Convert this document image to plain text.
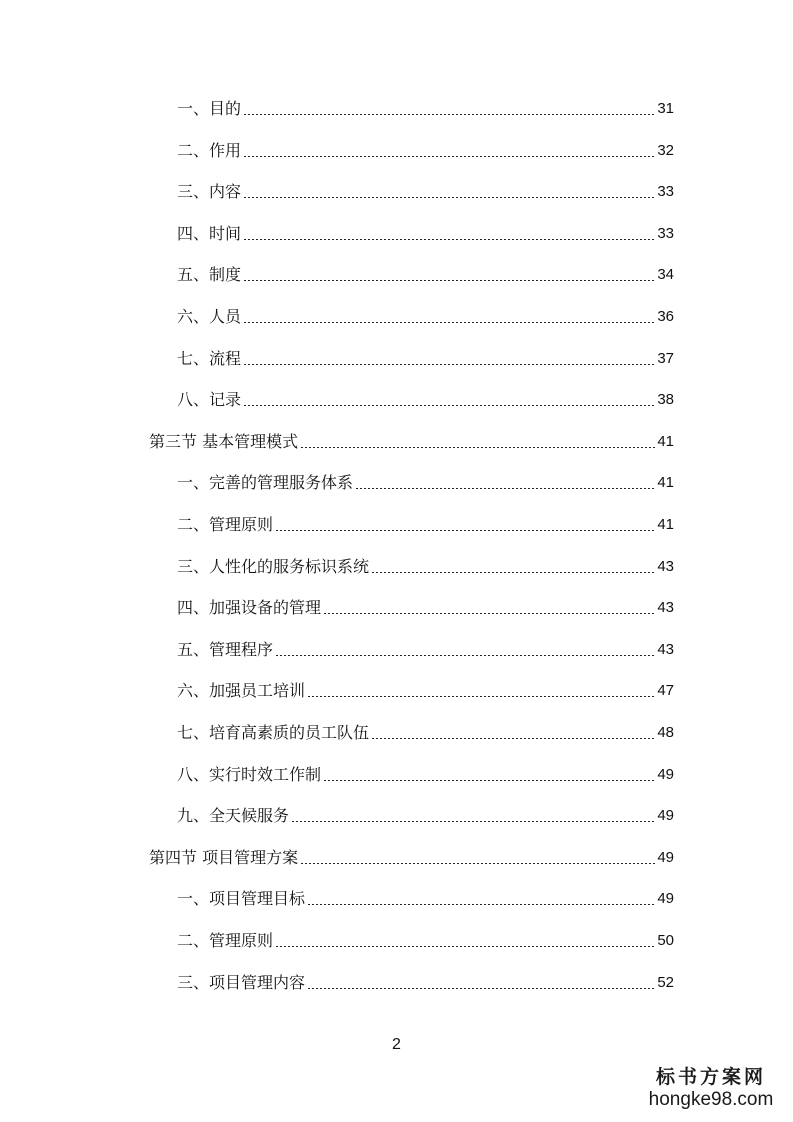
一、目的	31
二、作用	32
三、内容	33
四、时间	33
五、制度	34
六、人员	36
七、流程	37
八、记录	38
第三节 基本管理模式	41
一、完善的管理服务体系	41
二、管理原则	41
三、人性化的服务标识系统	43
四、加强设备的管理	43
五、管理程序	43
六、加强员工培训	47
七、培育高素质的员工队伍	48
八、实行时效工作制	49
九、全天候服务	49
第四节 项目管理方案	49
一、项目管理目标	49
二、管理原则	50
三、项目管理内容	52
2
标书方案网
hongke98.com
